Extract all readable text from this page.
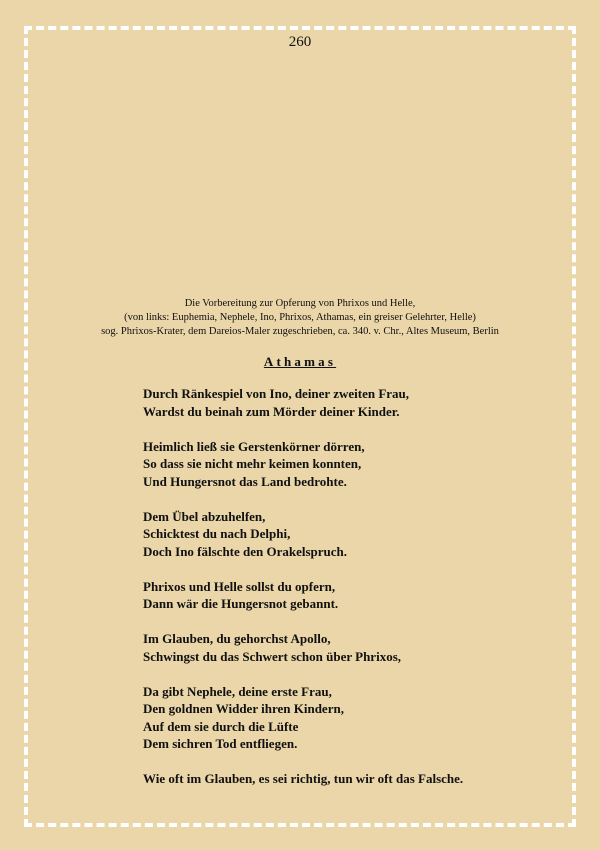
260
Die Vorbereitung zur Opferung von Phrixos und Helle,
(von links: Euphemia, Nephele, Ino, Phrixos, Athamas, ein greiser Gelehrter, Helle)
sog. Phrixos-Krater, dem Dareios-Maler zugeschrieben, ca. 340. v. Chr., Altes Museum, Berlin
Athamas
Durch Ränkespiel von Ino, deiner zweiten Frau,
Wardst du beinah zum Mörder deiner Kinder.
Heimlich ließ sie Gerstenkörner dörren,
So dass sie nicht mehr keimen konnten,
Und Hungersnot das Land bedrohte.
Dem Übel abzuhelfen,
Schicktest du nach Delphi,
Doch Ino fälschte den Orakelspruch.
Phrixos und Helle sollst du opfern,
Dann wär die Hungersnot gebannt.
Im Glauben, du gehorchst Apollo,
Schwingst du das Schwert schon über Phrixos,
Da gibt Nephele, deine erste Frau,
Den goldnen Widder ihren Kindern,
Auf dem sie durch die Lüfte
Dem sichren Tod entfliegen.
Wie oft im Glauben, es sei richtig, tun wir oft das Falsche.
